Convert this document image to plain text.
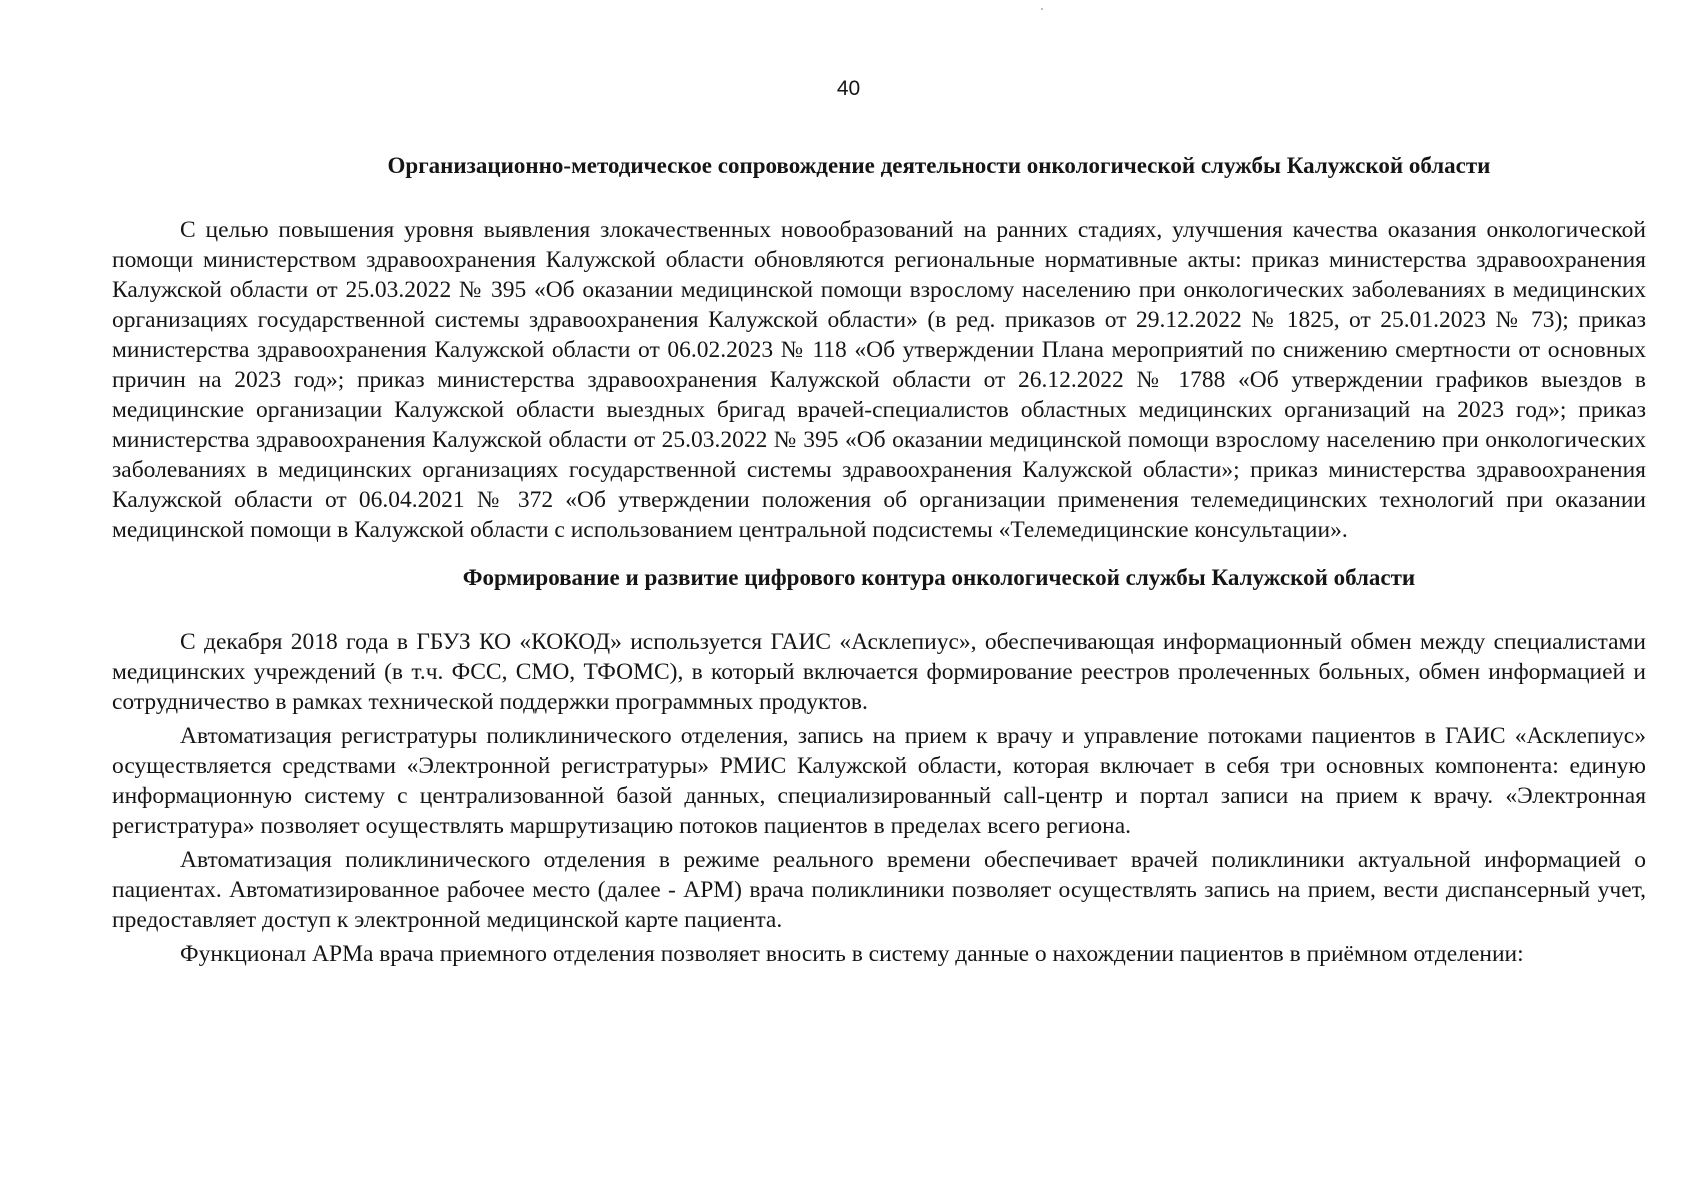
40
Организационно-методическое сопровождение деятельности онкологической службы Калужской области

С целью повышения уровня выявления злокачественных новообразований на ранних стадиях, улучшения качества оказания онкологической помощи министерством здравоохранения Калужской области обновляются региональные нормативные акты: приказ министерства здравоохранения Калужской области от 25.03.2022 № 395 «Об оказании медицинской помощи взрослому населению при онкологических заболеваниях в медицинских организациях государственной системы здравоохранения Калужской области» (в ред. приказов от 29.12.2022 № 1825, от 25.01.2023 № 73); приказ министерства здравоохранения Калужской области от 06.02.2023 № 118 «Об утверждении Плана мероприятий по снижению смертности от основных причин на 2023 год»; приказ министерства здравоохранения Калужской области от 26.12.2022 № 1788 «Об утверждении графиков выездов в медицинские организации Калужской области выездных бригад врачей-специалистов областных медицинских организаций на 2023 год»; приказ министерства здравоохранения Калужской области от 25.03.2022 № 395 «Об оказании медицинской помощи взрослому населению при онкологических заболеваниях в медицинских организациях государственной системы здравоохранения Калужской области»; приказ министерства здравоохранения Калужской области от 06.04.2021 № 372 «Об утверждении положения об организации применения телемедицинских технологий при оказании медицинской помощи в Калужской области с использованием центральной подсистемы «Телемедицинские консультации».

Формирование и развитие цифрового контура онкологической службы Калужской области

С декабря 2018 года в ГБУЗ КО «КОКОД» используется ГАИС «Асклепиус», обеспечивающая информационный обмен между специалистами медицинских учреждений (в т.ч. ФСС, СМО, ТФОМС), в который включается формирование реестров пролеченных больных, обмен информацией и сотрудничество в рамках технической поддержки программных продуктов.

Автоматизация регистратуры поликлинического отделения, запись на прием к врачу и управление потоками пациентов в ГАИС «Асклепиус» осуществляется средствами «Электронной регистратуры» РМИС Калужской области, которая включает в себя три основных компонента: единую информационную систему с централизованной базой данных, специализированный call-центр и портал записи на прием к врачу. «Электронная регистратура» позволяет осуществлять маршрутизацию потоков пациентов в пределах всего региона.

Автоматизация поликлинического отделения в режиме реального времени обеспечивает врачей поликлиники актуальной информацией о пациентах. Автоматизированное рабочее место (далее - АРМ) врача поликлиники позволяет осуществлять запись на прием, вести диспансерный учет, предоставляет доступ к электронной медицинской карте пациента.

Функционал АРМа врача приемного отделения позволяет вносить в систему данные о нахождении пациентов в приёмном отделении:
